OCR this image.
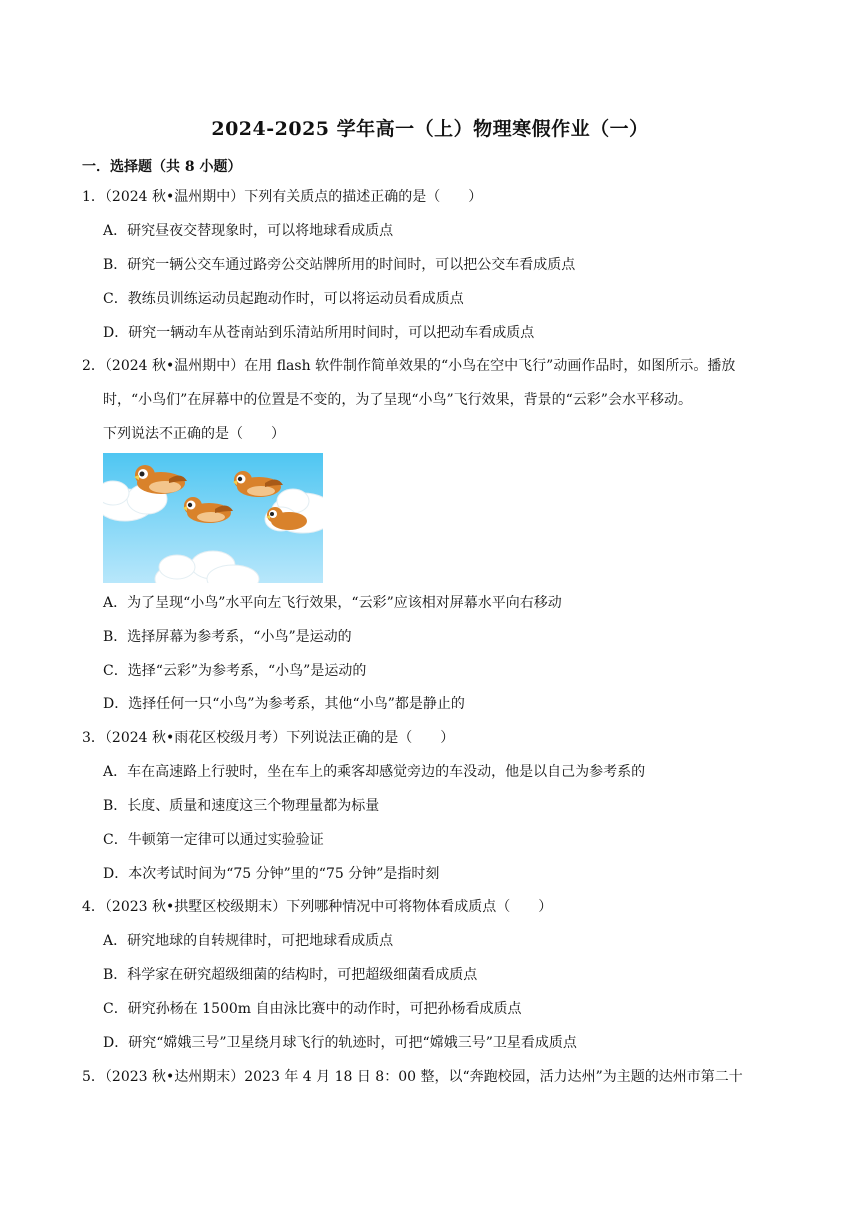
2024-2025 学年高一（上）物理寒假作业（一）
一．选择题（共 8 小题）
1．（2024 秋•温州期中）下列有关质点的描述正确的是（　　）
A．研究昼夜交替现象时，可以将地球看成质点
B．研究一辆公交车通过路旁公交站牌所用的时间时，可以把公交车看成质点
C．教练员训练运动员起跑动作时，可以将运动员看成质点
D．研究一辆动车从苍南站到乐清站所用时间时，可以把动车看成质点
2．（2024 秋•温州期中）在用 flash 软件制作简单效果的“小鸟在空中飞行”动画作品时，如图所示。播放
时，“小鸟们”在屏幕中的位置是不变的，为了呈现“小鸟”飞行效果，背景的“云彩”会水平移动。
下列说法不正确的是（　　）
A．为了呈现“小鸟”水平向左飞行效果，“云彩”应该相对屏幕水平向右移动
B．选择屏幕为参考系，“小鸟”是运动的
C．选择“云彩”为参考系，“小鸟”是运动的
D．选择任何一只“小鸟”为参考系，其他“小鸟”都是静止的
3．（2024 秋•雨花区校级月考）下列说法正确的是（　　）
A．车在高速路上行驶时，坐在车上的乘客却感觉旁边的车没动，他是以自己为参考系的
B．长度、质量和速度这三个物理量都为标量
C．牛顿第一定律可以通过实验验证
D．本次考试时间为“75 分钟”里的“75 分钟”是指时刻
4．（2023 秋•拱墅区校级期末）下列哪种情况中可将物体看成质点（　　）
A．研究地球的自转规律时，可把地球看成质点
B．科学家在研究超级细菌的结构时，可把超级细菌看成质点
C．研究孙杨在 1500m 自由泳比赛中的动作时，可把孙杨看成质点
D．研究“嫦娥三号”卫星绕月球飞行的轨迹时，可把“嫦娥三号”卫星看成质点
5．（2023 秋•达州期末）2023 年 4 月 18 日 8：00 整，以“奔跑校园，活力达州”为主题的达州市第二十
